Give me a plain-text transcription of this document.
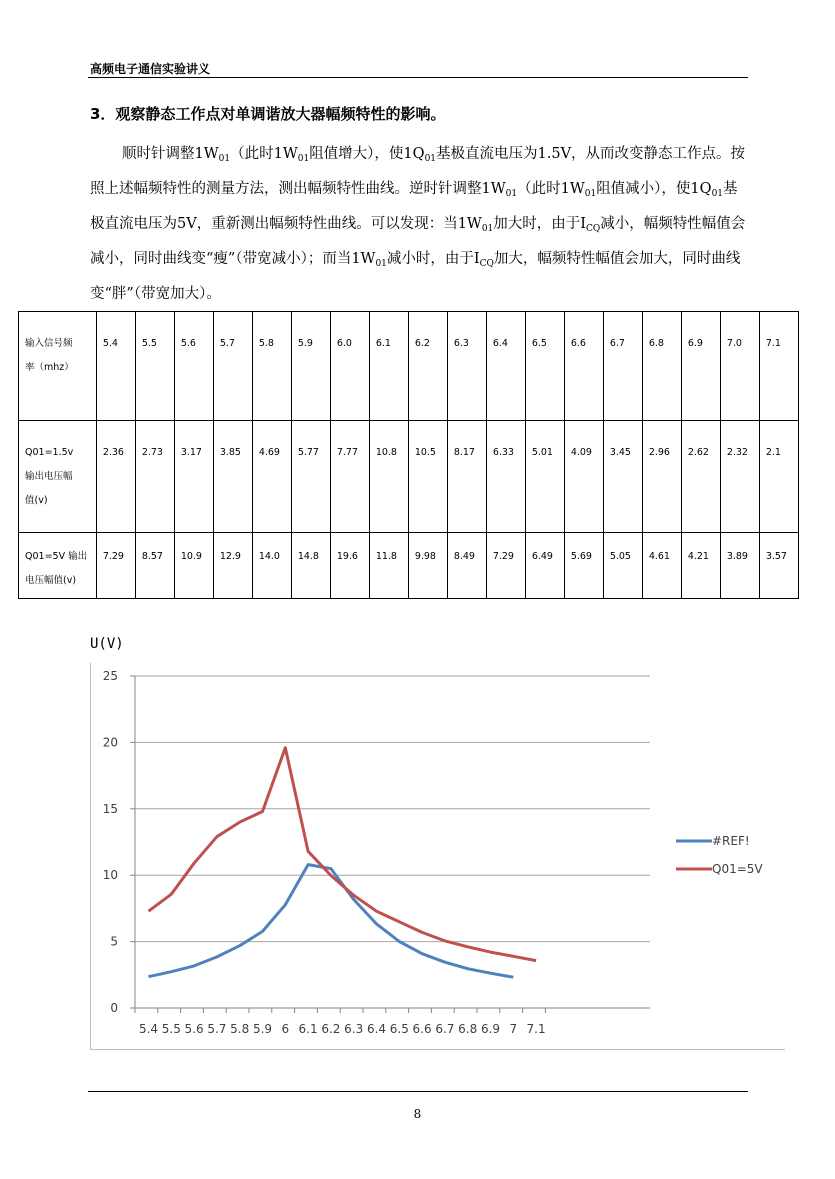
高频电子通信实验讲义
3．观察静态工作点对单调谐放大器幅频特性的影响。

顺时针调整$1W_{01}$（此时$1W_{01}$阻值增大），使$1Q_{01}$基极直流电压为1.5V，从而改变静态工作点。按照上述幅频特性的测量方法，测出幅频特性曲线。逆时针调整$1W_{01}$（此时$1W_{01}$阻值减小），使$1Q_{01}$基极直流电压为5V，重新测出幅频特性曲线。可以发现：当$1W_{01}$加大时，由于$I_{CQ}$减小，幅频特性幅值会减小，同时曲线变“瘦”（带宽减小）；而当$1W_{01}$减小时，由于$I_{CQ}$加大，幅频特性幅值会加大，同时曲线变“胖”（带宽加大）。

输入信号频
率（mhz）	5.4	5.5	5.6	5.7	5.8	5.9	6.0	6.1	6.2	6.3	6.4	6.5	6.6	6.7	6.8	6.9	7.0	7.1
Q01=1.5v
输出电压幅
值(v)	2.36	2.73	3.17	3.85	4.69	5.77	7.77	10.8	10.5	8.17	6.33	5.01	4.09	3.45	2.96	2.62	2.32	2.1
Q01=5V 输出
电压幅值(v)	7.29	8.57	10.9	12.9	14.0	14.8	19.6	11.8	9.98	8.49	7.29	6.49	5.69	5.05	4.61	4.21	3.89	3.57
U(V)
0
5
10
15
20
25
5.4 5.5 5.6 5.7 5.8 5.9 6 6.1 6.2 6.3 6.4 6.5 6.6 6.7 6.8 6.9 7 7.1
#REF!
Q01=5V
8
